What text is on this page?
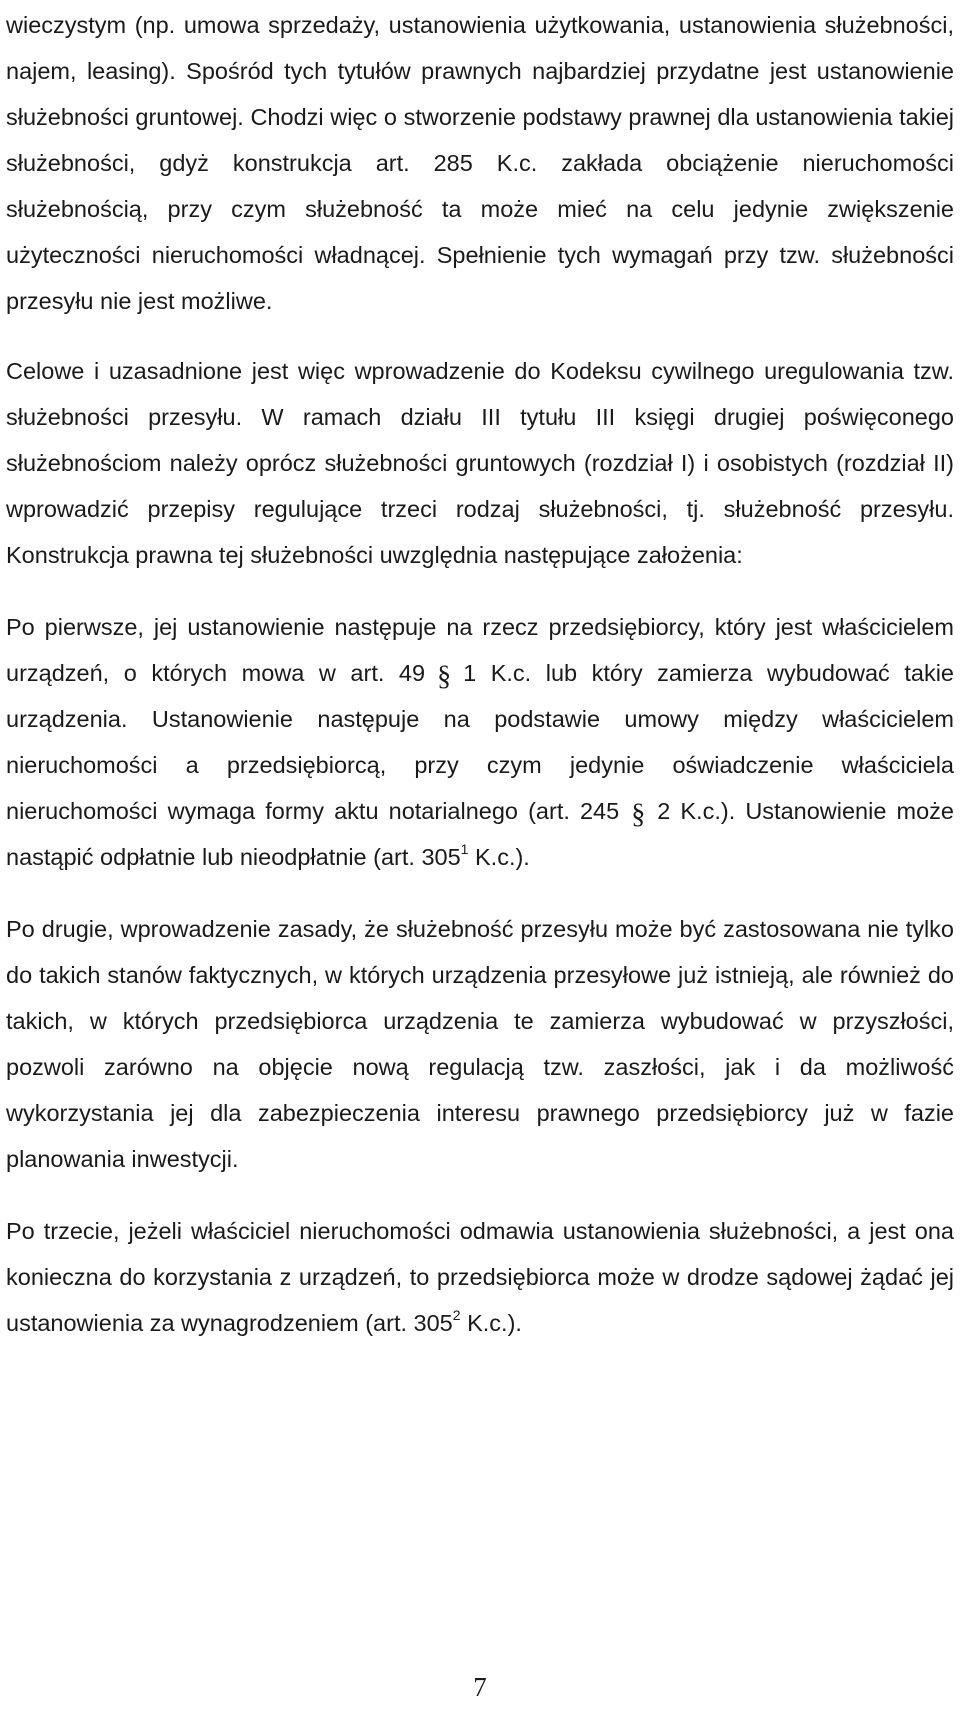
wieczystym (np. umowa sprzedaży, ustanowienia użytkowania, ustanowienia służebności, najem, leasing). Spośród tych tytułów prawnych najbardziej przydatne jest ustanowienie służebności gruntowej. Chodzi więc o stworzenie podstawy prawnej dla ustanowienia takiej służebności, gdyż konstrukcja art. 285 K.c. zakłada obciążenie nieruchomości służebnością, przy czym służebność ta może mieć na celu jedynie zwiększenie użyteczności nieruchomości władnącej. Spełnienie tych wymagań przy tzw. służebności przesyłu nie jest możliwe.

Celowe i uzasadnione jest więc wprowadzenie do Kodeksu cywilnego uregulowania tzw. służebności przesyłu. W ramach działu III tytułu III księgi drugiej poświęconego służebnościom należy oprócz służebności gruntowych (rozdział I) i osobistych (rozdział II) wprowadzić przepisy regulujące trzeci rodzaj służebności, tj. służebność przesyłu. Konstrukcja prawna tej służebności uwzględnia następujące założenia:

Po pierwsze, jej ustanowienie następuje na rzecz przedsiębiorcy, który jest właścicielem urządzeń, o których mowa w art. 49 § 1 K.c. lub który zamierza wybudować takie urządzenia. Ustanowienie następuje na podstawie umowy między właścicielem nieruchomości a przedsiębiorcą, przy czym jedynie oświadczenie właściciela nieruchomości wymaga formy aktu notarialnego (art. 245 § 2 K.c.). Ustanowienie może nastąpić odpłatnie lub nieodpłatnie (art. $305^1$ K.c.).

Po drugie, wprowadzenie zasady, że służebność przesyłu może być zastosowana nie tylko do takich stanów faktycznych, w których urządzenia przesyłowe już istnieją, ale również do takich, w których przedsiębiorca urządzenia te zamierza wybudować w przyszłości, pozwoli zarówno na objęcie nową regulacją tzw. zaszłości, jak i da możliwość wykorzystania jej dla zabezpieczenia interesu prawnego przedsiębiorcy już w fazie planowania inwestycji.

Po trzecie, jeżeli właściciel nieruchomości odmawia ustanowienia służebności, a jest ona konieczna do korzystania z urządzeń, to przedsiębiorca może w drodze sądowej żądać jej ustanowienia za wynagrodzeniem (art. $305^2$ K.c.).

7
